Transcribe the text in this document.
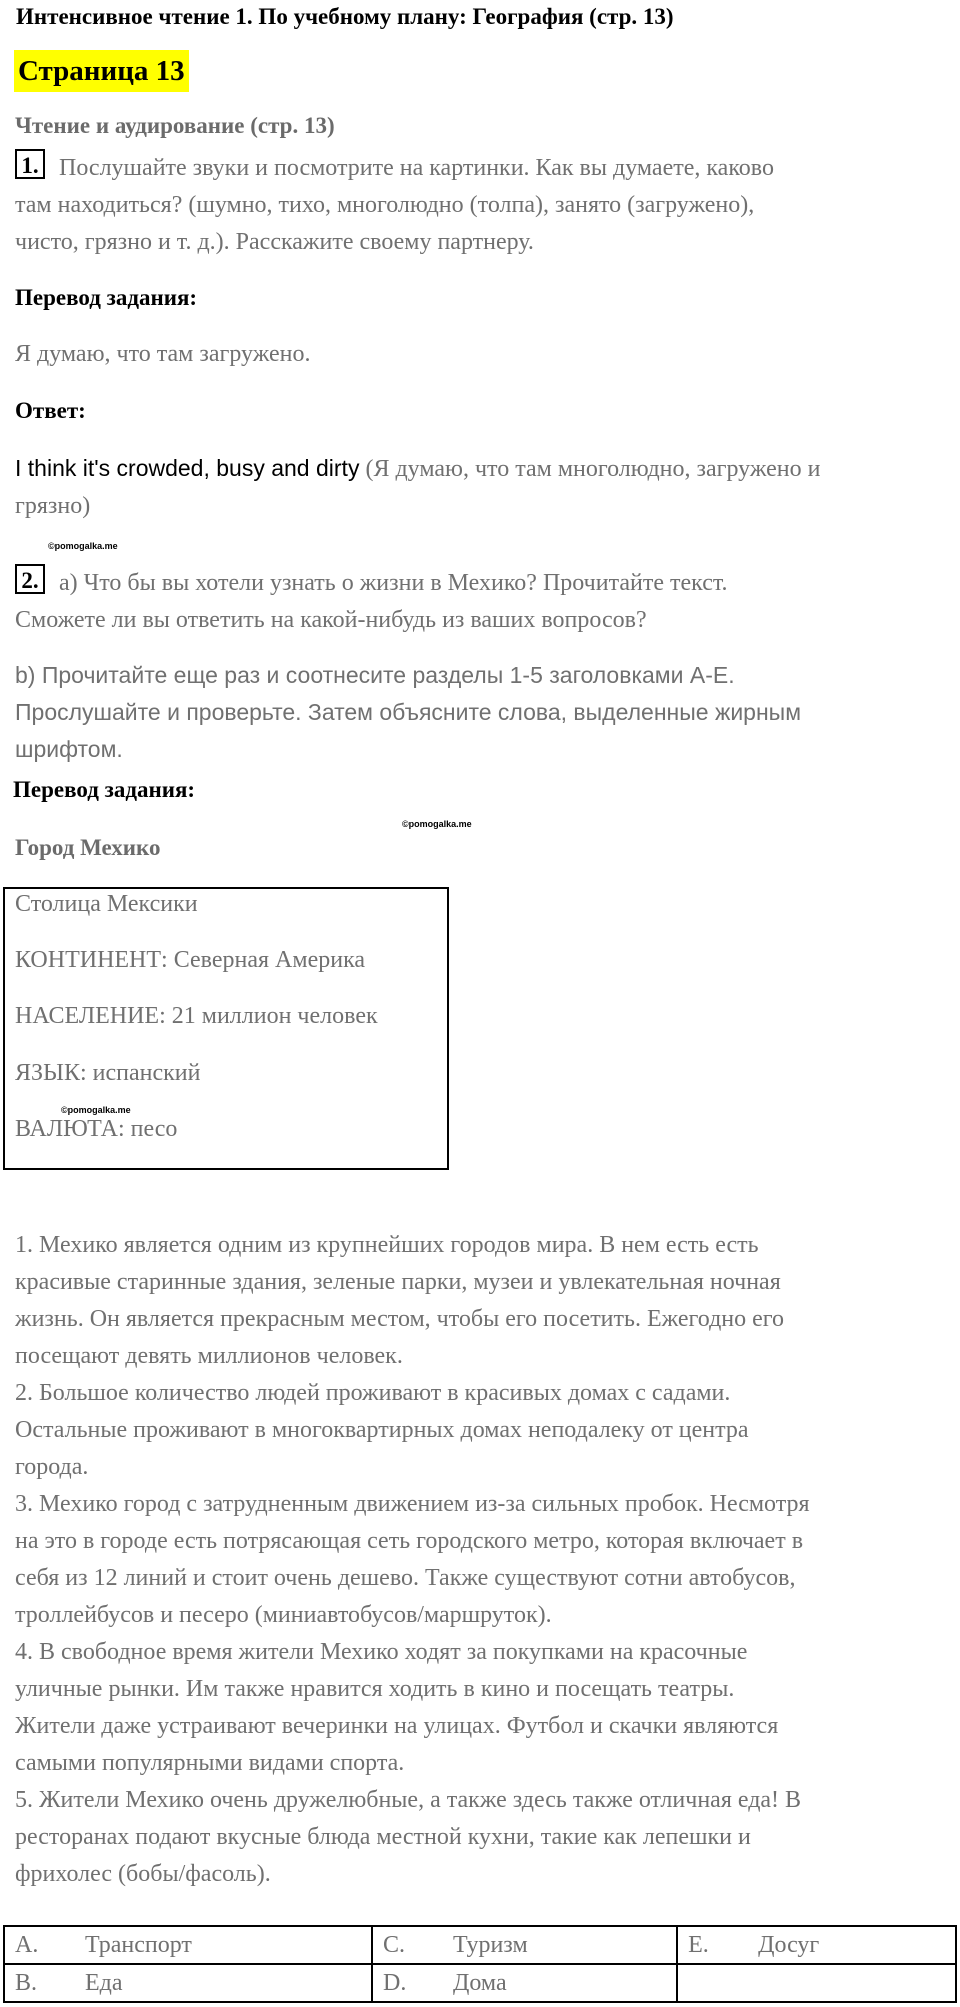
Интенсивное чтение 1. По учебному плану: География (стр. 13)
Страница 13
Чтение и аудирование (стр. 13)
1. Послушайте звуки и посмотрите на картинки. Как вы думаете, каково
там находиться? (шумно, тихо, многолюдно (толпа), занято (загружено),
чисто, грязно и т. д.). Расскажите своему партнеру.
Перевод задания:
Я думаю, что там загружено.
Ответ:
I think it's crowded, busy and dirty (Я думаю, что там многолюдно, загружено и
грязно)
©pomogalka.me
2. а) Что бы вы хотели узнать о жизни в Мехико? Прочитайте текст.
Сможете ли вы ответить на какой-нибудь из ваших вопросов?
b) Прочитайте еще раз и соотнесите разделы 1-5 заголовками A-E.
Прослушайте и проверьте. Затем объясните слова, выделенные жирным
шрифтом.
Перевод задания:
©pomogalka.me
Город Мехико
Столица Мексики
КОНТИНЕНТ: Северная Америка
НАСЕЛЕНИЕ: 21 миллион человек
ЯЗЫК: испанский
©pomogalka.me
ВАЛЮТА: песо
1. Мехико является одним из крупнейших городов мира. В нем есть есть
красивые старинные здания, зеленые парки, музеи и увлекательная ночная
жизнь. Он является прекрасным местом, чтобы его посетить. Ежегодно его
посещают девять миллионов человек.
2. Большое количество людей проживают в красивых домах с садами.
Остальные проживают в многоквартирных домах неподалеку от центра
города.
3. Мехико город с затрудненным движением из-за сильных пробок. Несмотря
на это в городе есть потрясающая сеть городского метро, которая включает в
себя из 12 линий и стоит очень дешево. Также существуют сотни автобусов,
троллейбусов и песеро (миниавтобусов/маршруток).
4. В свободное время жители Мехико ходят за покупками на красочные
уличные рынки. Им также нравится ходить в кино и посещать театры.
Жители даже устраивают вечеринки на улицах. Футбол и скачки являются
самыми популярными видами спорта.
5. Жители Мехико очень дружелюбные, а также здесь также отличная еда! В
ресторанах подают вкусные блюда местной кухни, такие как лепешки и
фрихолес (бобы/фасоль).
A. Транспорт	C. Туризм	E. Досуг
B. Еда	D. Дома	
